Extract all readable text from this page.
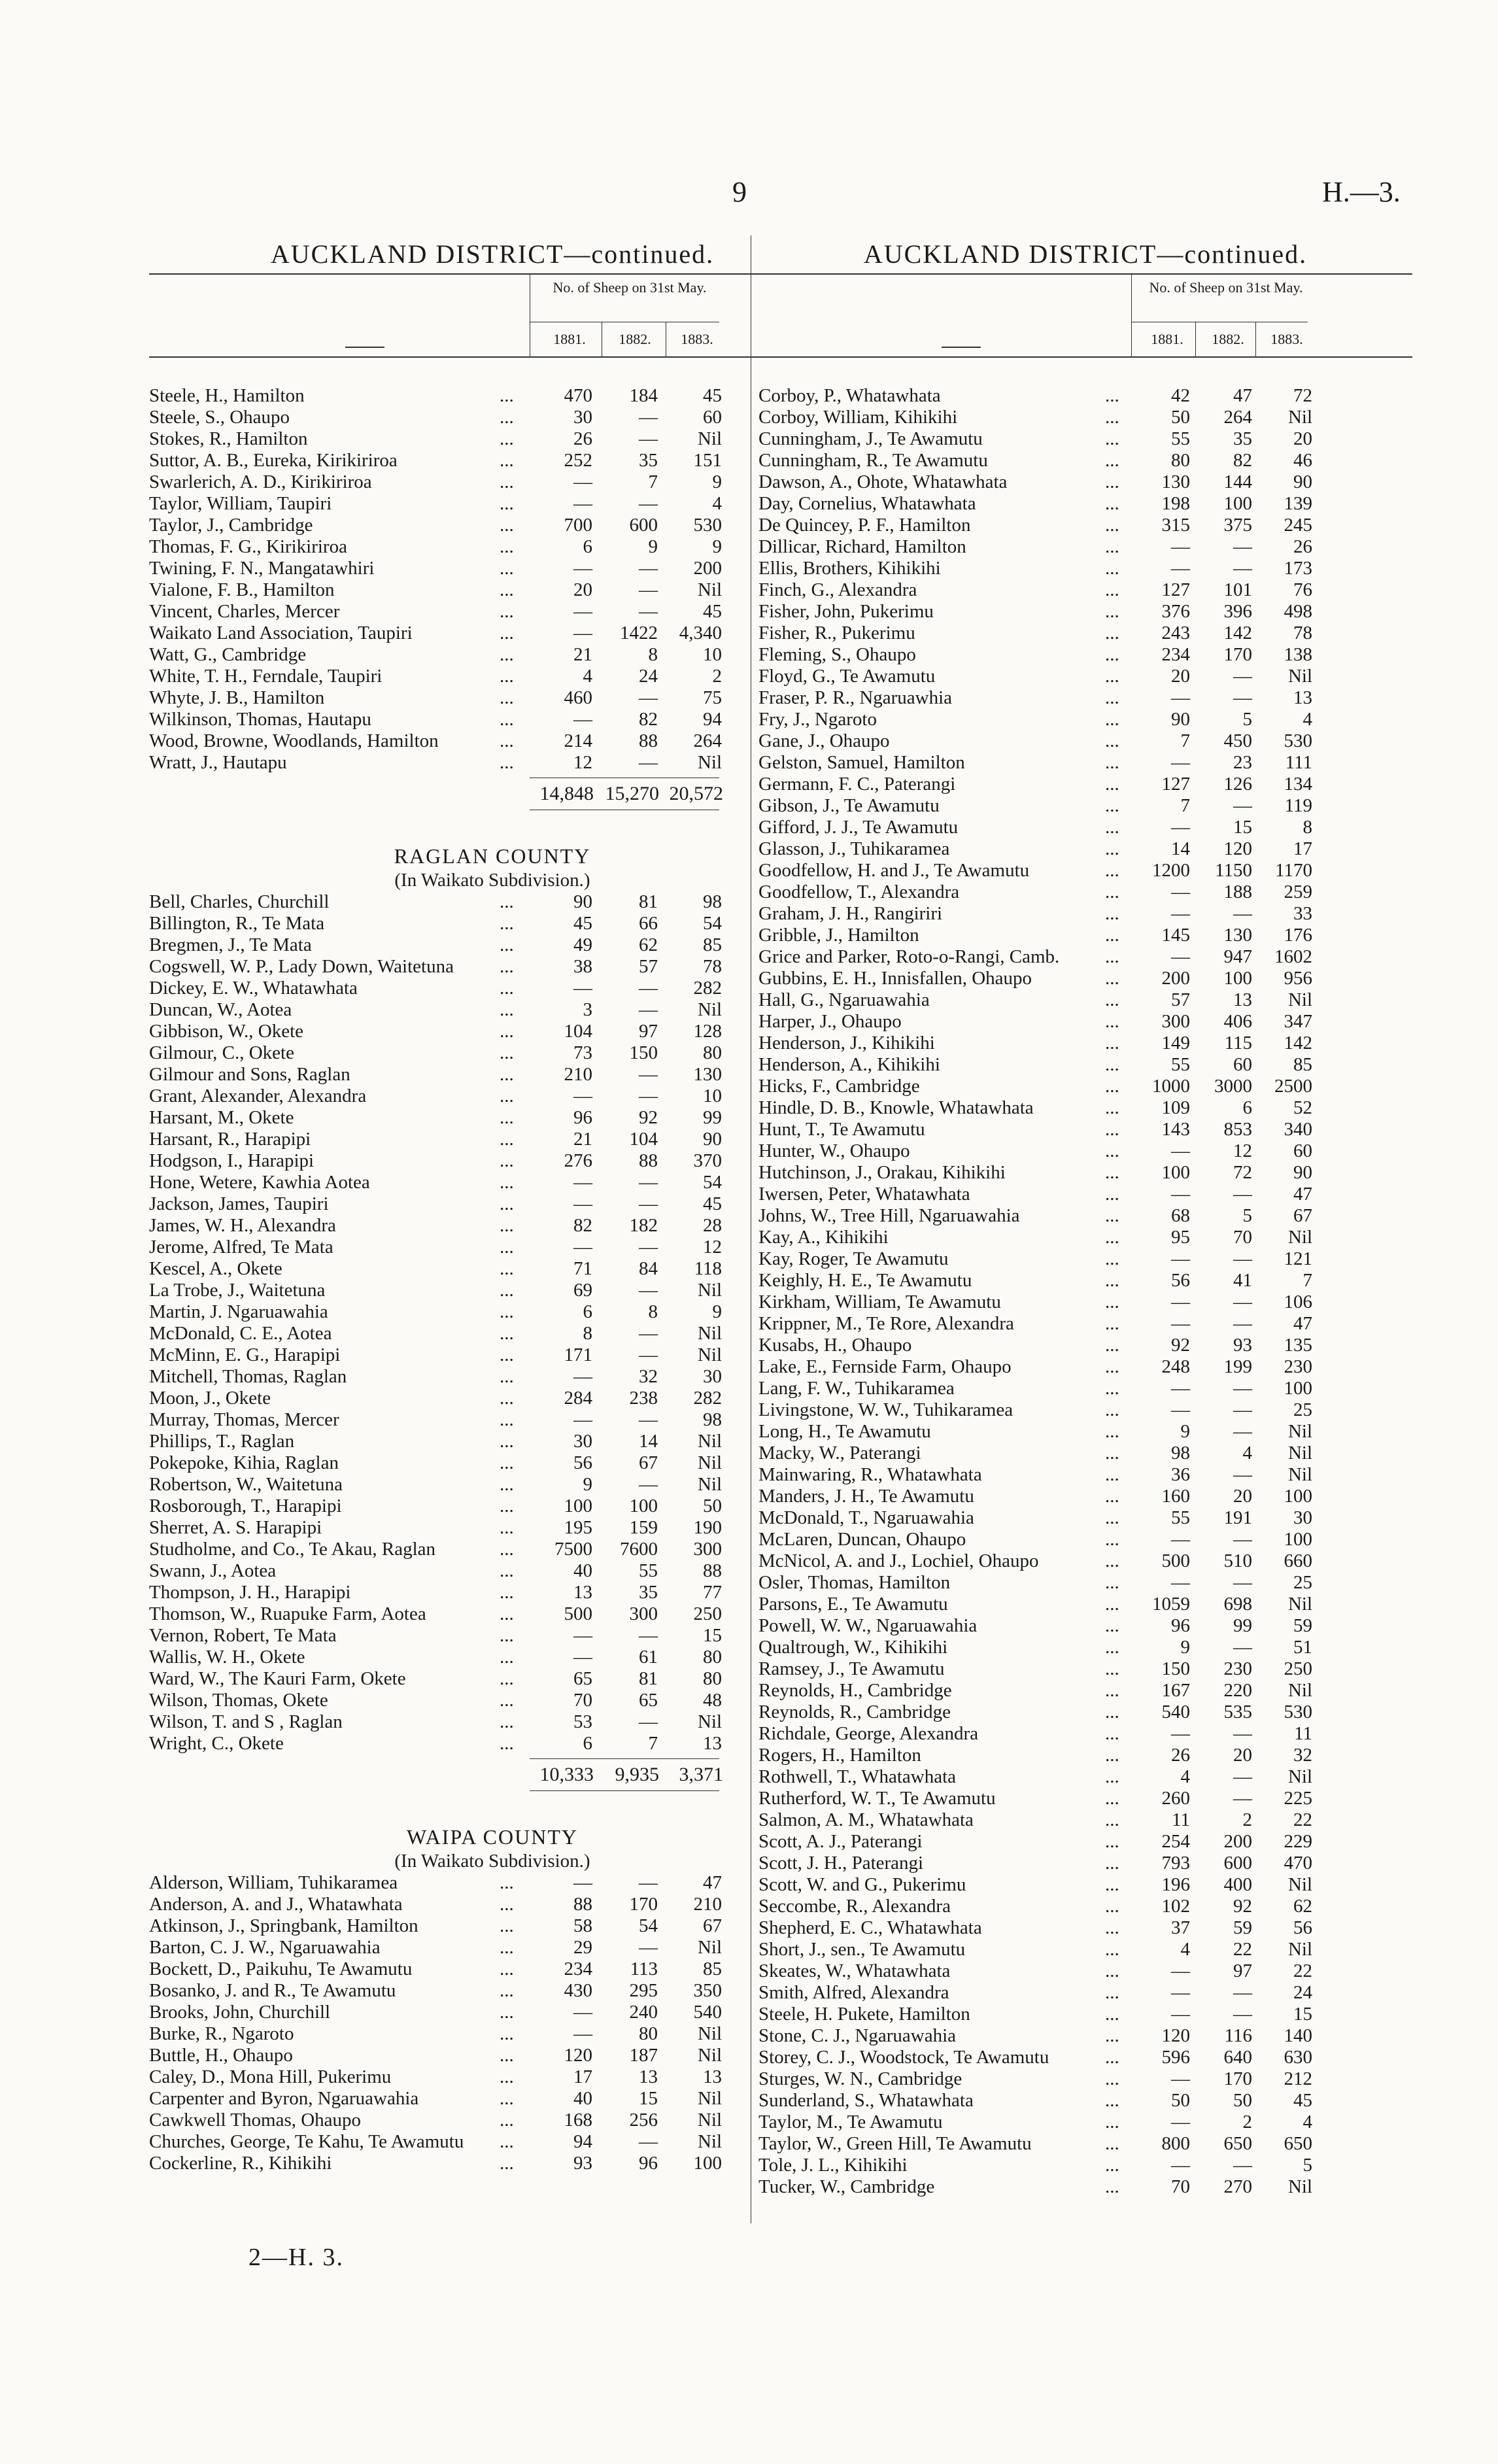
9	H.—3.
AUCKLAND DISTRICT—continued.
No. of Sheep on 31st May.
1881.	1882.	1883.
Steele, H., Hamilton	...	470	184	45
Steele, S., Ohaupo	...	30	—	60
Stokes, R., Hamilton	...	26	—	Nil
Suttor, A. B., Eureka, Kirikiriroa	...	252	35	151
Swarlerich, A. D., Kirikiriroa	...	—	7	9
Taylor, William, Taupiri	...	—	—	4
Taylor, J., Cambridge	...	700	600	530
Thomas, F. G., Kirikiriroa	...	6	9	9
Twining, F. N., Mangatawhiri	...	—	—	200
Vialone, F. B., Hamilton	...	20	—	Nil
Vincent, Charles, Mercer	...	—	—	45
Waikato Land Association, Taupiri	...	—	1422	4,340
Watt, G., Cambridge	...	21	8	10
White, T. H., Ferndale, Taupiri	...	4	24	2
Whyte, J. B., Hamilton	...	460	—	75
Wilkinson, Thomas, Hautapu	...	—	82	94
Wood, Browne, Woodlands, Hamilton	...	214	88	264
Wratt, J., Hautapu	...	12	—	Nil
14,848 15,270 20,572
RAGLAN COUNTY
(In Waikato Subdivision.)
Bell, Charles, Churchill	...	90	81	98
Billington, R., Te Mata	...	45	66	54
Bregmen, J., Te Mata	...	49	62	85
Cogswell, W. P., Lady Down, Waitetuna ...	38	57	78
Dickey, E. W., Whatawhata	...	—	—	282
Duncan, W., Aotea	...	3	—	Nil
Gibbison, W., Okete	...	104	97	128
Gilmour, C., Okete	...	73	150	80
Gilmour and Sons, Raglan	...	210	—	130
Grant, Alexander, Alexandra	...	—	—	10
Harsant, M., Okete	...	96	92	99
Harsant, R., Harapipi	...	21	104	90
Hodgson, I., Harapipi	...	276	88	370
Hone, Wetere, Kawhia Aotea	...	—	—	54
Jackson, James, Taupiri	...	—	—	45
James, W. H., Alexandra	...	82	182	28
Jerome, Alfred, Te Mata	...	—	—	12
Kescel, A., Okete	...	71	84	118
La Trobe, J., Waitetuna	...	69	—	Nil
Martin, J. Ngaruawahia	...	6	8	9
McDonald, C. E., Aotea	...	8	—	Nil
McMinn, E. G., Harapipi	...	171	—	Nil
Mitchell, Thomas, Raglan	...	—	32	30
Moon, J., Okete	...	284	238	282
Murray, Thomas, Mercer	...	—	—	98
Phillips, T., Raglan	...	30	14	Nil
Pokepoke, Kihia, Raglan	...	56	67	Nil
Robertson, W., Waitetuna	...	9	—	Nil
Rosborough, T., Harapipi	...	100	100	50
Sherret, A. S. Harapipi	...	195	159	190
Studholme, and Co., Te Akau, Raglan	...	7500	7600	300
Swann, J., Aotea	...	40	55	88
Thompson, J. H., Harapipi	...	13	35	77
Thomson, W., Ruapuke Farm, Aotea	...	500	300	250
Vernon, Robert, Te Mata	...	—	—	15
Wallis, W. H., Okete	...	—	61	80
Ward, W., The Kauri Farm, Okete	...	65	81	80
Wilson, Thomas, Okete	...	70	65	48
Wilson, T. and S , Raglan	...	53	—	Nil
Wright, C., Okete	...	6	7	13
10,333	9,935	3,371
WAIPA COUNTY
(In Waikato Subdivision.)
Alderson, William, Tuhikaramea	...	—	—	47
Anderson, A. and J., Whatawhata	...	88	170	210
Atkinson, J., Springbank, Hamilton	...	58	54	67
Barton, C. J. W., Ngaruawahia	...	29	—	Nil
Bockett, D., Paikuhu, Te Awamutu	...	234	113	85
Bosanko, J. and R., Te Awamutu	...	430	295	350
Brooks, John, Churchill	...	—	240	540
Burke, R., Ngaroto	...	—	80	Nil
Buttle, H., Ohaupo	...	120	187	Nil
Caley, D., Mona Hill, Pukerimu	...	17	13	13
Carpenter and Byron, Ngaruawahia	...	40	15	Nil
Cawkwell Thomas, Ohaupo	...	168	256	Nil
Churches, George, Te Kahu, Te Awamutu ...	94	—	Nil
Cockerline, R., Kihikihi	...	93	96	100
AUCKLAND DISTRICT—continued.
No. of Sheep on 31st May.
1881.	1882.	1883.
Corboy, P., Whatawhata	...	42	47	72
Corboy, William, Kihikihi	...	50	264	Nil
Cunningham, J., Te Awamutu	...	55	35	20
Cunningham, R., Te Awamutu	...	80	82	46
Dawson, A., Ohote, Whatawhata	...	130	144	90
Day, Cornelius, Whatawhata	...	198	100	139
De Quincey, P. F., Hamilton	...	315	375	245
Dillicar, Richard, Hamilton	...	—	—	26
Ellis, Brothers, Kihikihi	...	—	—	173
Finch, G., Alexandra	...	127	101	76
Fisher, John, Pukerimu	...	376	396	498
Fisher, R., Pukerimu	...	243	142	78
Fleming, S., Ohaupo	...	234	170	138
Floyd, G., Te Awamutu	...	20	—	Nil
Fraser, P. R., Ngaruawhia	...	—	—	13
Fry, J., Ngaroto	...	90	5	4
Gane, J., Ohaupo	...	7	450	530
Gelston, Samuel, Hamilton	...	—	23	111
Germann, F. C., Paterangi	...	127	126	134
Gibson, J., Te Awamutu	...	7	—	119
Gifford, J. J., Te Awamutu	...	—	15	8
Glasson, J., Tuhikaramea	...	14	120	17
Goodfellow, H. and J., Te Awamutu	...	1200	1150	1170
Goodfellow, T., Alexandra	...	—	188	259
Graham, J. H., Rangiriri	...	—	—	33
Gribble, J., Hamilton	...	145	130	176
Grice and Parker, Roto-o-Rangi, Camb. ...	—	947	1602
Gubbins, E. H., Innisfallen, Ohaupo	...	200	100	956
Hall, G., Ngaruawahia	...	57	13	Nil
Harper, J., Ohaupo	...	300	406	347
Henderson, J., Kihikihi	...	149	115	142
Henderson, A., Kihikihi	...	55	60	85
Hicks, F., Cambridge	...	1000	3000	2500
Hindle, D. B., Knowle, Whatawhata	...	109	6	52
Hunt, T., Te Awamutu	...	143	853	340
Hunter, W., Ohaupo	...	—	12	60
Hutchinson, J., Orakau, Kihikihi	...	100	72	90
Iwersen, Peter, Whatawhata	...	—	—	47
Johns, W., Tree Hill, Ngaruawahia	...	68	5	67
Kay, A., Kihikihi	...	95	70	Nil
Kay, Roger, Te Awamutu	...	—	—	121
Keighly, H. E., Te Awamutu	...	56	41	7
Kirkham, William, Te Awamutu	...	—	—	106
Krippner, M., Te Rore, Alexandra	...	—	—	47
Kusabs, H., Ohaupo	...	92	93	135
Lake, E., Fernside Farm, Ohaupo	...	248	199	230
Lang, F. W., Tuhikaramea	...	—	—	100
Livingstone, W. W., Tuhikaramea	...	—	—	25
Long, H., Te Awamutu	...	9	—	Nil
Macky, W., Paterangi	...	98	4	Nil
Mainwaring, R., Whatawhata	...	36	—	Nil
Manders, J. H., Te Awamutu	...	160	20	100
McDonald, T., Ngaruawahia	...	55	191	30
McLaren, Duncan, Ohaupo	...	—	—	100
McNicol, A. and J., Lochiel, Ohaupo	...	500	510	660
Osler, Thomas, Hamilton	...	—	—	25
Parsons, E., Te Awamutu	...	1059	698	Nil
Powell, W. W., Ngaruawahia	...	96	99	59
Qualtrough, W., Kihikihi	...	9	—	51
Ramsey, J., Te Awamutu	...	150	230	250
Reynolds, H., Cambridge	...	167	220	Nil
Reynolds, R., Cambridge	...	540	535	530
Richdale, George, Alexandra	...	—	—	11
Rogers, H., Hamilton	...	26	20	32
Rothwell, T., Whatawhata	...	4	—	Nil
Rutherford, W. T., Te Awamutu	...	260	—	225
Salmon, A. M., Whatawhata	...	11	2	22
Scott, A. J., Paterangi	...	254	200	229
Scott, J. H., Paterangi	...	793	600	470
Scott, W. and G., Pukerimu	...	196	400	Nil
Seccombe, R., Alexandra	...	102	92	62
Shepherd, E. C., Whatawhata	...	37	59	56
Short, J., sen., Te Awamutu	...	4	22	Nil
Skeates, W., Whatawhata	...	—	97	22
Smith, Alfred, Alexandra	...	—	—	24
Steele, H. Pukete, Hamilton	...	—	—	15
Stone, C. J., Ngaruawahia	...	120	116	140
Storey, C. J., Woodstock, Te Awamutu	...	596	640	630
Sturges, W. N., Cambridge	...	—	170	212
Sunderland, S., Whatawhata	...	50	50	45
Taylor, M., Te Awamutu	...	—	2	4
Taylor, W., Green Hill, Te Awamutu	...	800	650	650
Tole, J. L., Kihikihi	...	—	—	5
Tucker, W., Cambridge	...	70	270	Nil
2—H. 3.
